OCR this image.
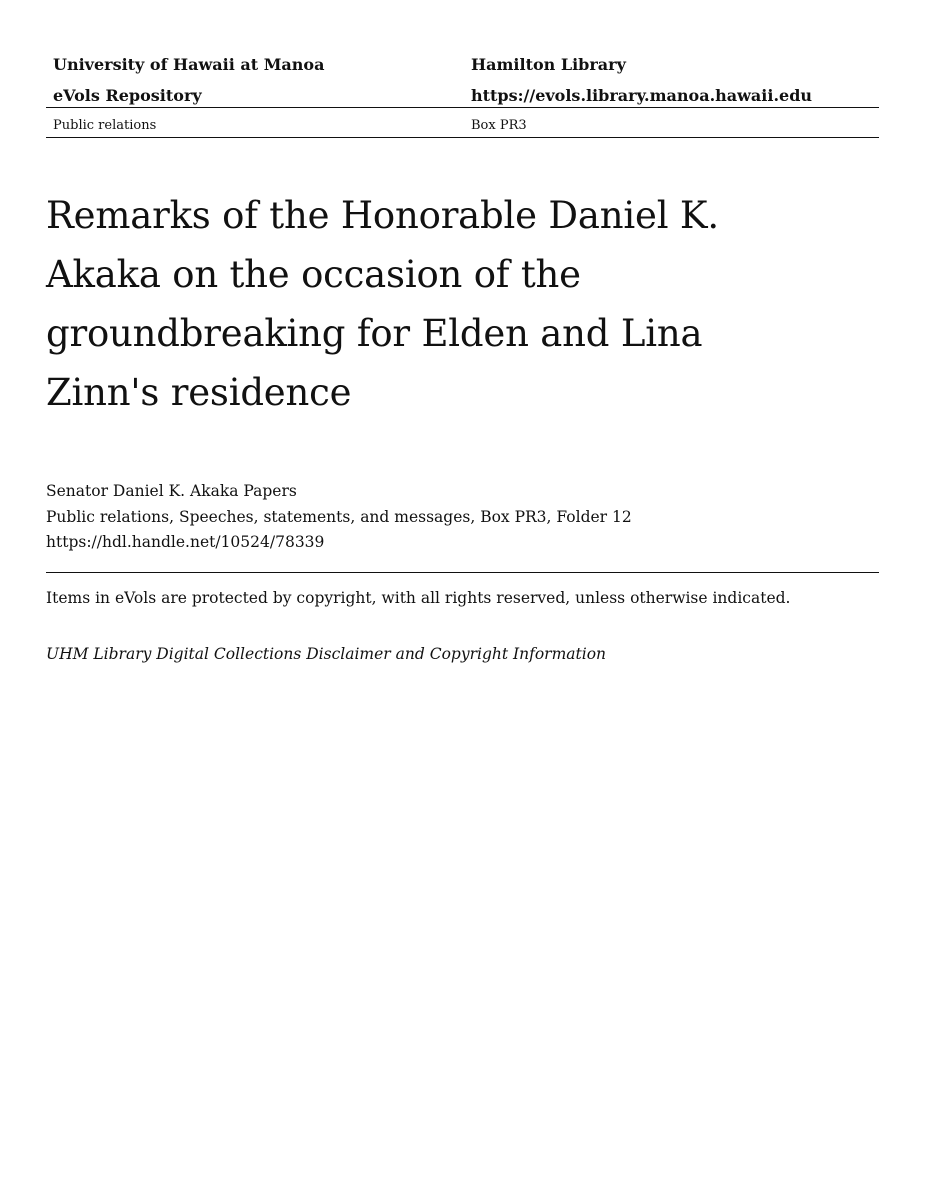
University of Hawaii at Manoa	Hamilton Library
eVols Repository	https://evols.library.manoa.hawaii.edu
Public relations	Box PR3
Remarks of the Honorable Daniel K. Akaka on the occasion of the groundbreaking for Elden and Lina Zinn's residence
Senator Daniel K. Akaka Papers
Public relations, Speeches, statements, and messages, Box PR3, Folder 12
https://hdl.handle.net/10524/78339
Items in eVols are protected by copyright, with all rights reserved, unless otherwise indicated.
UHM Library Digital Collections Disclaimer and Copyright Information
